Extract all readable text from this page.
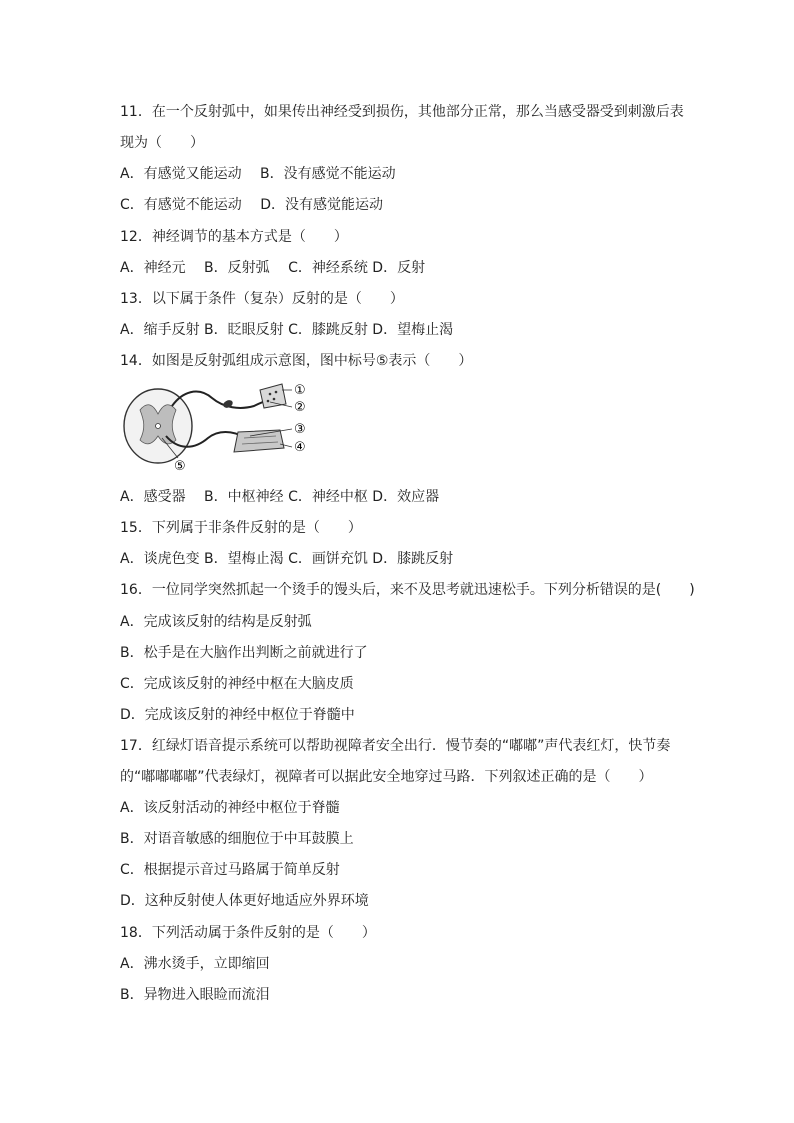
11．在一个反射弧中，如果传出神经受到损伤，其他部分正常，那么当感受器受到刺激后表
现为（　　）
A．有感觉又能运动　 B．没有感觉不能运动
C．有感觉不能运动　 D．没有感觉能运动
12．神经调节的基本方式是（　　）
A．神经元　 B．反射弧　 C．神经系统 D．反射
13．以下属于条件（复杂）反射的是（　　）
A．缩手反射 B．眨眼反射 C．膝跳反射 D．望梅止渴
14．如图是反射弧组成示意图，图中标号⑤表示（　　）
①
②
③
④
⑤
A．感受器　 B．中枢神经 C．神经中枢 D．效应器
15．下列属于非条件反射的是（　　）
A．谈虎色变 B．望梅止渴 C．画饼充饥 D．膝跳反射
16．一位同学突然抓起一个烫手的馒头后，来不及思考就迅速松手。下列分析错误的是(　　)
A．完成该反射的结构是反射弧
B．松手是在大脑作出判断之前就进行了
C．完成该反射的神经中枢在大脑皮质
D．完成该反射的神经中枢位于脊髓中
17．红绿灯语音提示系统可以帮助视障者安全出行．慢节奏的“嘟嘟”声代表红灯，快节奏
的“嘟嘟嘟嘟”代表绿灯，视障者可以据此安全地穿过马路．下列叙述正确的是（　　）
A．该反射活动的神经中枢位于脊髓
B．对语音敏感的细胞位于中耳鼓膜上
C．根据提示音过马路属于简单反射
D．这种反射使人体更好地适应外界环境
18．下列活动属于条件反射的是（　　）
A．沸水烫手，立即缩回
B．异物进入眼睑而流泪
